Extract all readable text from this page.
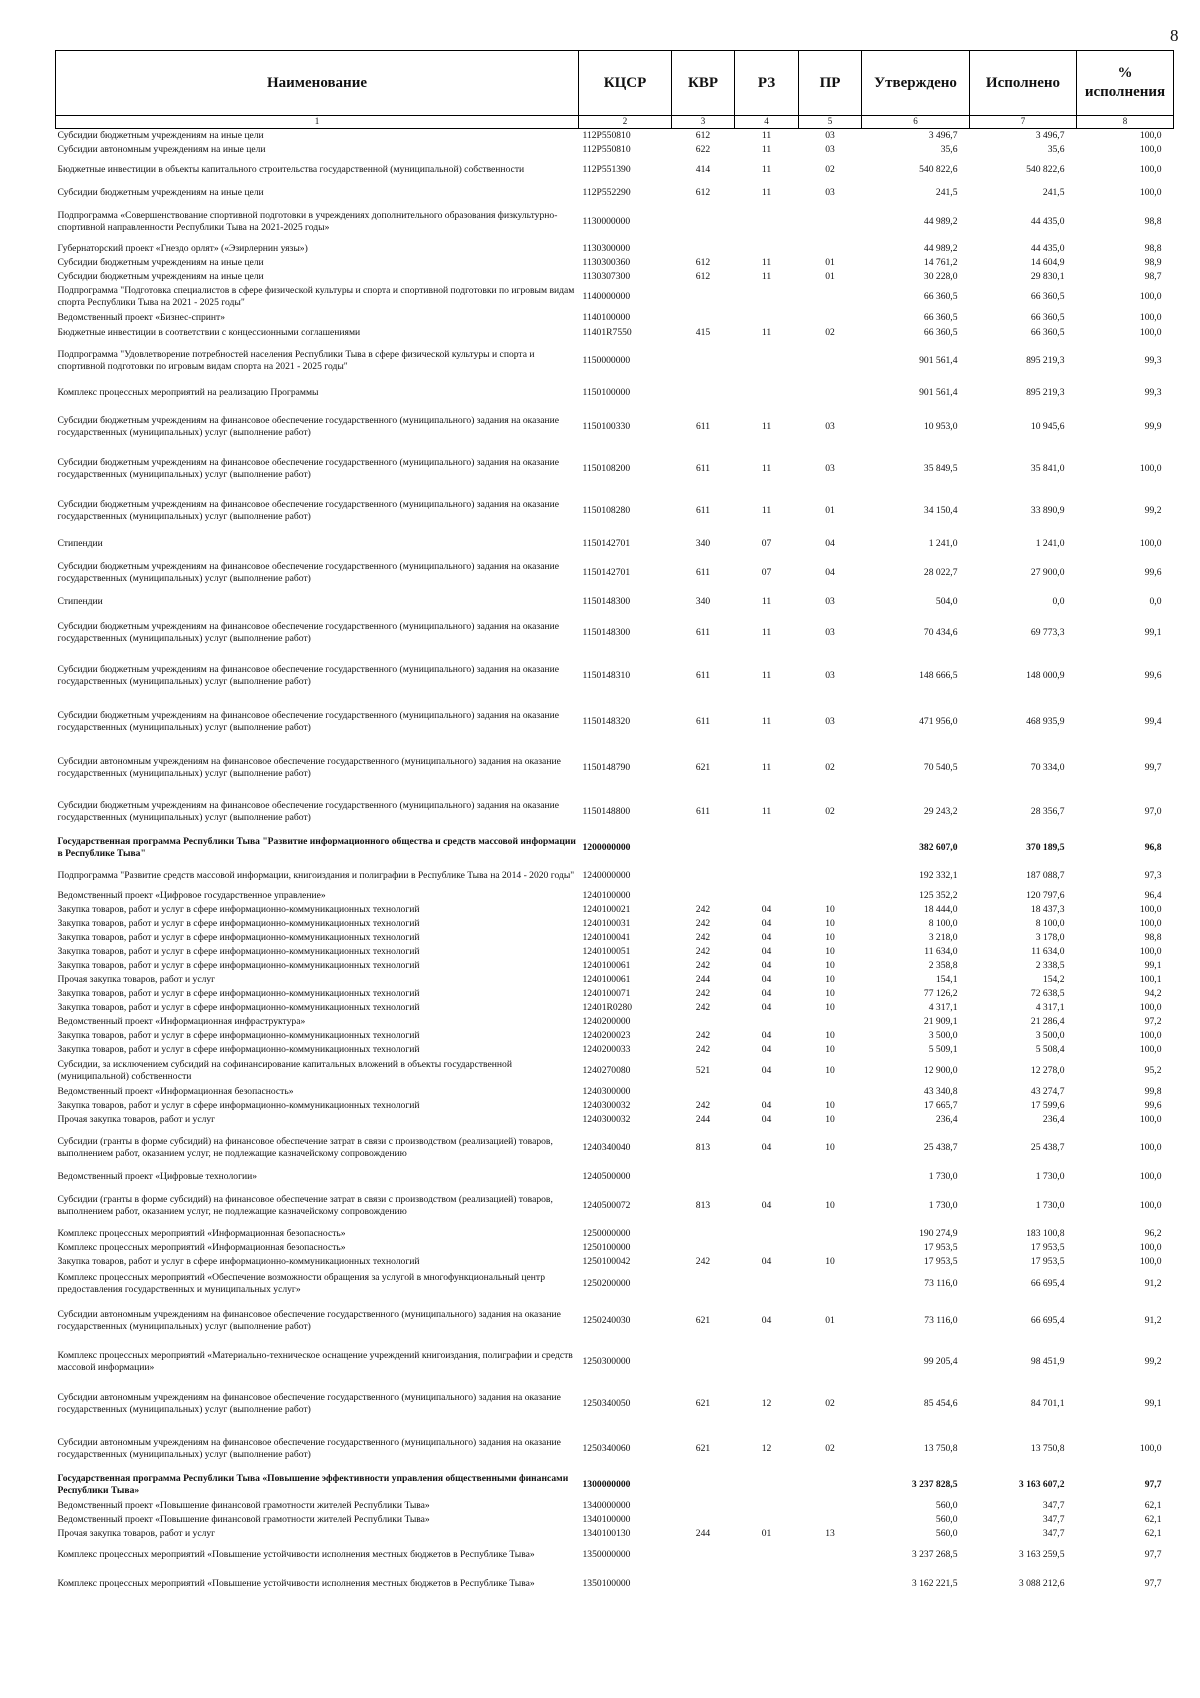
8
Наименование	КЦСР	КВР	РЗ	ПР	Утверждено	Исполнено	% исполнения
1	2	3	4	5	6	7	8
Субсидии бюджетным учреждениям на иные цели	112P550810	612	11	03	3 496,7	3 496,7	100,0
Субсидии автономным учреждениям на иные цели	112P550810	622	11	03	35,6	35,6	100,0
Бюджетные инвестиции в объекты капитального строительства государственной (муниципальной) собственности	112P551390	414	11	02	540 822,6	540 822,6	100,0
Субсидии бюджетным учреждениям на иные цели	112P552290	612	11	03	241,5	241,5	100,0
Подпрограмма «Совершенствование спортивной подготовки в учреждениях дополнительного образования физкультурно-спортивной направленности Республики Тыва на 2021-2025 годы»	1130000000				44 989,2	44 435,0	98,8
Губернаторский проект «Гнездо орлят» («Эзирлернин уязы»)	1130300000				44 989,2	44 435,0	98,8
Субсидии бюджетным учреждениям на иные цели	1130300360	612	11	01	14 761,2	14 604,9	98,9
Субсидии бюджетным учреждениям на иные цели	1130307300	612	11	01	30 228,0	29 830,1	98,7
Подпрограмма "Подготовка специалистов в сфере физической культуры и спорта и спортивной подготовки по игровым видам спорта Республики Тыва на 2021 - 2025 годы"	1140000000				66 360,5	66 360,5	100,0
Ведомственный проект «Бизнес-спринт»	1140100000				66 360,5	66 360,5	100,0
Бюджетные инвестиции в соответствии с концессионными соглашениями	11401R7550	415	11	02	66 360,5	66 360,5	100,0
Подпрограмма "Удовлетворение потребностей населения Республики Тыва в сфере физической культуры и спорта и спортивной подготовки по игровым видам спорта на 2021 - 2025 годы"	1150000000				901 561,4	895 219,3	99,3
Комплекс процессных мероприятий на реализацию Программы	1150100000				901 561,4	895 219,3	99,3
Субсидии бюджетным учреждениям на финансовое обеспечение государственного (муниципального) задания на оказание государственных (муниципальных) услуг (выполнение работ)	1150100330	611	11	03	10 953,0	10 945,6	99,9
Субсидии бюджетным учреждениям на финансовое обеспечение государственного (муниципального) задания на оказание государственных (муниципальных) услуг (выполнение работ)	1150108200	611	11	03	35 849,5	35 841,0	100,0
Субсидии бюджетным учреждениям на финансовое обеспечение государственного (муниципального) задания на оказание государственных (муниципальных) услуг (выполнение работ)	1150108280	611	11	01	34 150,4	33 890,9	99,2
Стипендии	1150142701	340	07	04	1 241,0	1 241,0	100,0
Субсидии бюджетным учреждениям на финансовое обеспечение государственного (муниципального) задания на оказание государственных (муниципальных) услуг (выполнение работ)	1150142701	611	07	04	28 022,7	27 900,0	99,6
Стипендии	1150148300	340	11	03	504,0	0,0	0,0
Субсидии бюджетным учреждениям на финансовое обеспечение государственного (муниципального) задания на оказание государственных (муниципальных) услуг (выполнение работ)	1150148300	611	11	03	70 434,6	69 773,3	99,1
Субсидии бюджетным учреждениям на финансовое обеспечение государственного (муниципального) задания на оказание государственных (муниципальных) услуг (выполнение работ)	1150148310	611	11	03	148 666,5	148 000,9	99,6
Субсидии бюджетным учреждениям на финансовое обеспечение государственного (муниципального) задания на оказание государственных (муниципальных) услуг (выполнение работ)	1150148320	611	11	03	471 956,0	468 935,9	99,4
Субсидии автономным учреждениям на финансовое обеспечение государственного (муниципального) задания на оказание государственных (муниципальных) услуг (выполнение работ)	1150148790	621	11	02	70 540,5	70 334,0	99,7
Субсидии бюджетным учреждениям на финансовое обеспечение государственного (муниципального) задания на оказание государственных (муниципальных) услуг (выполнение работ)	1150148800	611	11	02	29 243,2	28 356,7	97,0
Государственная программа Республики Тыва "Развитие информационного общества и средств массовой информации в Республике Тыва"	1200000000				382 607,0	370 189,5	96,8
Подпрограмма "Развитие средств массовой информации, книгоиздания и полиграфии в Республике Тыва на 2014 - 2020 годы"	1240000000				192 332,1	187 088,7	97,3
Ведомственный проект «Цифровое государственное управление»	1240100000				125 352,2	120 797,6	96,4
Закупка товаров, работ и услуг в сфере информационно-коммуникационных технологий	1240100021	242	04	10	18 444,0	18 437,3	100,0
Закупка товаров, работ и услуг в сфере информационно-коммуникационных технологий	1240100031	242	04	10	8 100,0	8 100,0	100,0
Закупка товаров, работ и услуг в сфере информационно-коммуникационных технологий	1240100041	242	04	10	3 218,0	3 178,0	98,8
Закупка товаров, работ и услуг в сфере информационно-коммуникационных технологий	1240100051	242	04	10	11 634,0	11 634,0	100,0
Закупка товаров, работ и услуг в сфере информационно-коммуникационных технологий	1240100061	242	04	10	2 358,8	2 338,5	99,1
Прочая закупка товаров, работ и услуг	1240100061	244	04	10	154,1	154,2	100,1
Закупка товаров, работ и услуг в сфере информационно-коммуникационных технологий	1240100071	242	04	10	77 126,2	72 638,5	94,2
Закупка товаров, работ и услуг в сфере информационно-коммуникационных технологий	12401R0280	242	04	10	4 317,1	4 317,1	100,0
Ведомственный проект «Информационная инфраструктура»	1240200000				21 909,1	21 286,4	97,2
Закупка товаров, работ и услуг в сфере информационно-коммуникационных технологий	1240200023	242	04	10	3 500,0	3 500,0	100,0
Закупка товаров, работ и услуг в сфере информационно-коммуникационных технологий	1240200033	242	04	10	5 509,1	5 508,4	100,0
Субсидии, за исключением субсидий на софинансирование капитальных вложений в объекты государственной (муниципальной) собственности	1240270080	521	04	10	12 900,0	12 278,0	95,2
Ведомственный проект «Информационная безопасность»	1240300000				43 340,8	43 274,7	99,8
Закупка товаров, работ и услуг в сфере информационно-коммуникационных технологий	1240300032	242	04	10	17 665,7	17 599,6	99,6
Прочая закупка товаров, работ и услуг	1240300032	244	04	10	236,4	236,4	100,0
Субсидии (гранты в форме субсидий) на финансовое обеспечение затрат в связи с производством (реализацией) товаров, выполнением работ, оказанием услуг, не подлежащие казначейскому сопровождению	1240340040	813	04	10	25 438,7	25 438,7	100,0
Ведомственный проект «Цифровые технологии»	1240500000				1 730,0	1 730,0	100,0
Субсидии (гранты в форме субсидий) на финансовое обеспечение затрат в связи с производством (реализацией) товаров, выполнением работ, оказанием услуг, не подлежащие казначейскому сопровождению	1240500072	813	04	10	1 730,0	1 730,0	100,0
Комплекс процессных мероприятий «Информационная безопасность»	1250000000				190 274,9	183 100,8	96,2
Комплекс процессных мероприятий «Информационная безопасность»	1250100000				17 953,5	17 953,5	100,0
Закупка товаров, работ и услуг в сфере информационно-коммуникационных технологий	1250100042	242	04	10	17 953,5	17 953,5	100,0
Комплекс процессных мероприятий «Обеспечение возможности обращения за услугой в многофункциональный центр предоставления государственных и муниципальных услуг»	1250200000				73 116,0	66 695,4	91,2
Субсидии автономным учреждениям на финансовое обеспечение государственного (муниципального) задания на оказание государственных (муниципальных) услуг (выполнение работ)	1250240030	621	04	01	73 116,0	66 695,4	91,2
Комплекс процессных мероприятий «Материально-техническое оснащение учреждений книгоиздания, полиграфии и средств массовой информации»	1250300000				99 205,4	98 451,9	99,2
Субсидии автономным учреждениям на финансовое обеспечение государственного (муниципального) задания на оказание государственных (муниципальных) услуг (выполнение работ)	1250340050	621	12	02	85 454,6	84 701,1	99,1
Субсидии автономным учреждениям на финансовое обеспечение государственного (муниципального) задания на оказание государственных (муниципальных) услуг (выполнение работ)	1250340060	621	12	02	13 750,8	13 750,8	100,0
Государственная программа Республики Тыва «Повышение эффективности управления общественными финансами Республики Тыва»	1300000000				3 237 828,5	3 163 607,2	97,7
Ведомственный проект «Повышение финансовой грамотности жителей Республики Тыва»	1340000000				560,0	347,7	62,1
Ведомственный проект «Повышение финансовой грамотности жителей Республики Тыва»	1340100000				560,0	347,7	62,1
Прочая закупка товаров, работ и услуг	1340100130	244	01	13	560,0	347,7	62,1
Комплекс процессных мероприятий «Повышение устойчивости исполнения местных бюджетов в Республике Тыва»	1350000000				3 237 268,5	3 163 259,5	97,7
Комплекс процессных мероприятий «Повышение устойчивости исполнения местных бюджетов в Республике Тыва»	1350100000				3 162 221,5	3 088 212,6	97,7
